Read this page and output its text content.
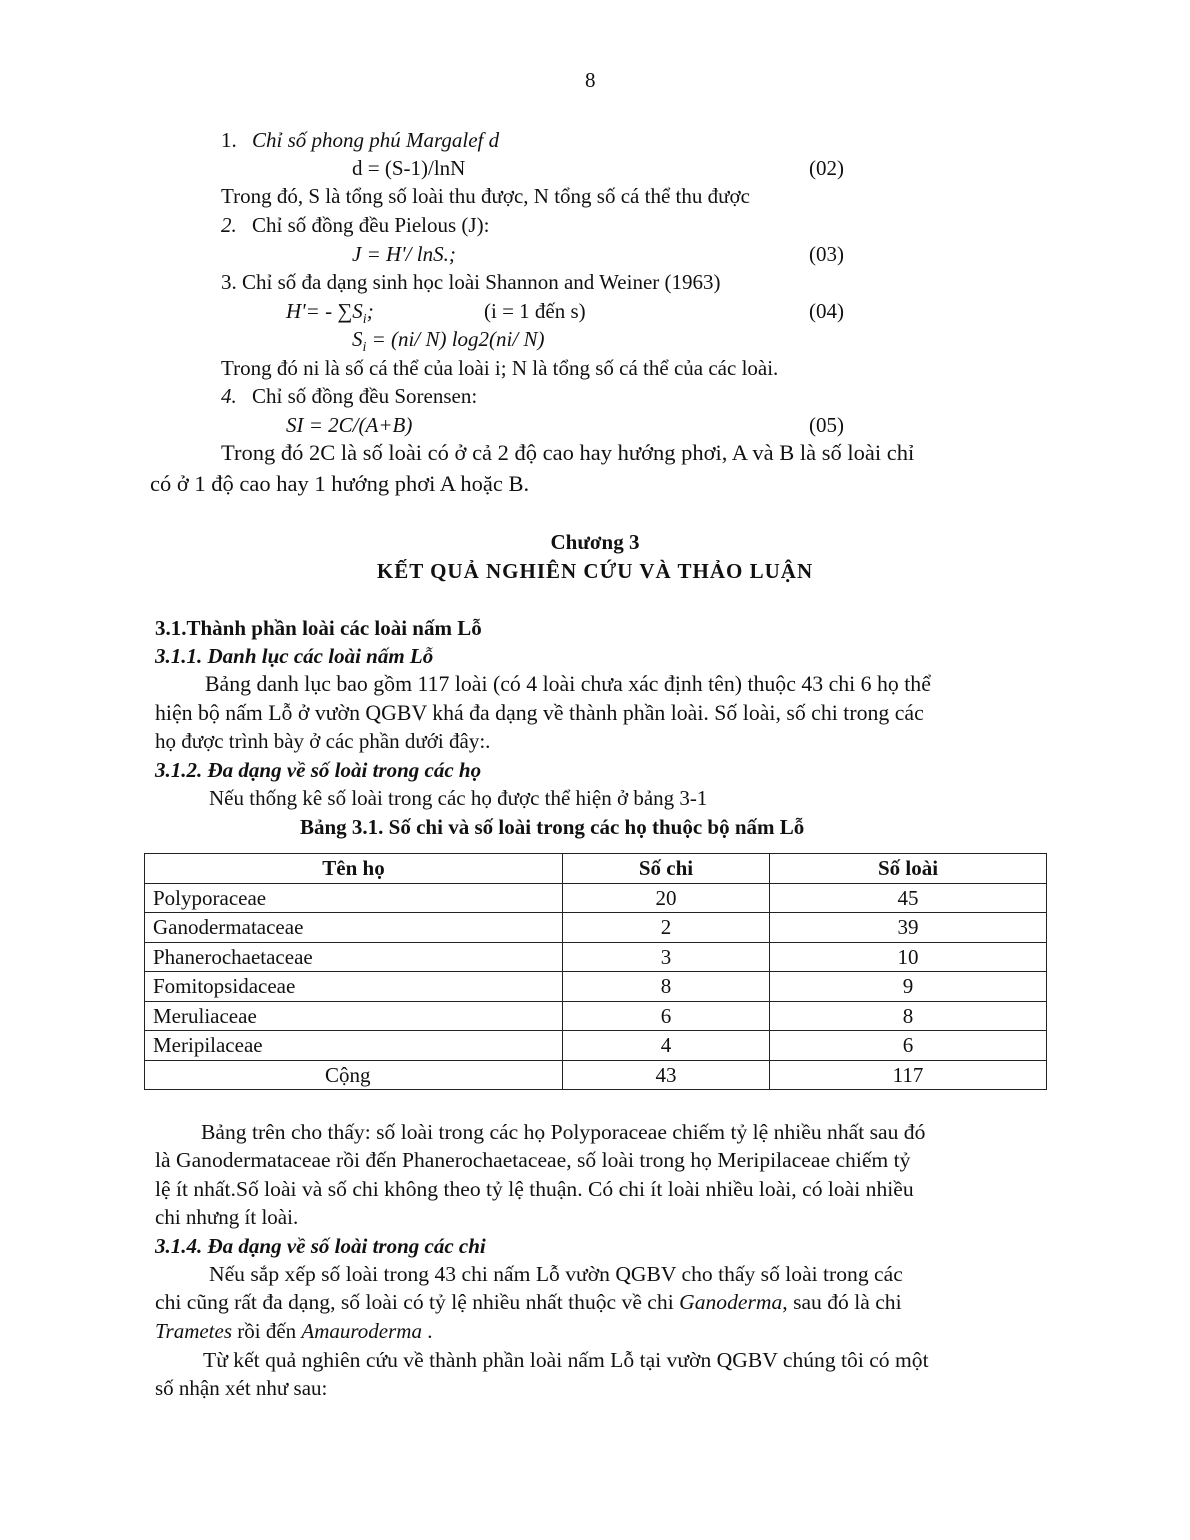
8
1. Chỉ số phong phú Margalef d
d = (S-1)/lnN	(02)
Trong đó, S là tổng số loài thu được, N tổng số cá thể thu được
2. Chỉ số đồng đều Pielous (J):
J = H'/ lnS.;	(03)
3. Chỉ số đa dạng sinh học loài Shannon and Weiner (1963)
$H'= - \sum S_i$;	(i = 1 đến s)	(04)
$S_i = (ni/$ N) log2(ni/ N)
Trong đó ni là số cá thể của loài i; N là tổng số cá thể của các loài.
4. Chỉ số đồng đều Sorensen:
SI = 2C/(A+B)	(05)
Trong đó 2C là số loài có ở cả 2 độ cao hay hướng phơi, A và B là số loài chỉ
có ở 1 độ cao hay 1 hướng phơi A hoặc B.
Chương 3
KẾT QUẢ NGHIÊN CỨU VÀ THẢO LUẬN
3.1.Thành phần loài các loài nấm Lỗ
3.1.1. Danh lục các loài nấm Lỗ
Bảng danh lục bao gồm 117 loài (có 4 loài chưa xác định tên) thuộc 43 chi 6 họ thể
hiện bộ nấm Lỗ ở vườn QGBV khá đa dạng về thành phần loài. Số loài, số chi trong các
họ được trình bày ở các phần dưới đây:.
3.1.2. Đa dạng về số loài trong các họ
Nếu thống kê số loài trong các họ được thể hiện ở bảng 3-1
Bảng 3.1. Số chi và số loài trong các họ thuộc bộ nấm Lỗ
Tên họ	Số chi	Số loài
Polyporaceae	20	45
Ganodermataceae	2	39
Phanerochaetaceae	3	10
Fomitopsidaceae	8	9
Meruliaceae	6	8
Meripilaceae	4	6
Cộng	43	117
Bảng trên cho thấy: số loài trong các họ Polyporaceae chiếm tỷ lệ nhiều nhất sau đó
là Ganodermataceae rồi đến Phanerochaetaceae, số loài trong họ Meripilaceae chiếm tỷ
lệ ít nhất.Số loài và số chi không theo tỷ lệ thuận. Có chi ít loài nhiều loài, có loài nhiều
chi nhưng ít loài.
3.1.4. Đa dạng về số loài trong các chi
Nếu sắp xếp số loài trong 43 chi nấm Lỗ vườn QGBV cho thấy số loài trong các
chi cũng rất đa dạng, số loài có tỷ lệ nhiều nhất thuộc về chi Ganoderma, sau đó là chi
Trametes rồi đến Amauroderma .
Từ kết quả nghiên cứu về thành phần loài nấm Lỗ tại vườn QGBV chúng tôi có một
số nhận xét như sau:
